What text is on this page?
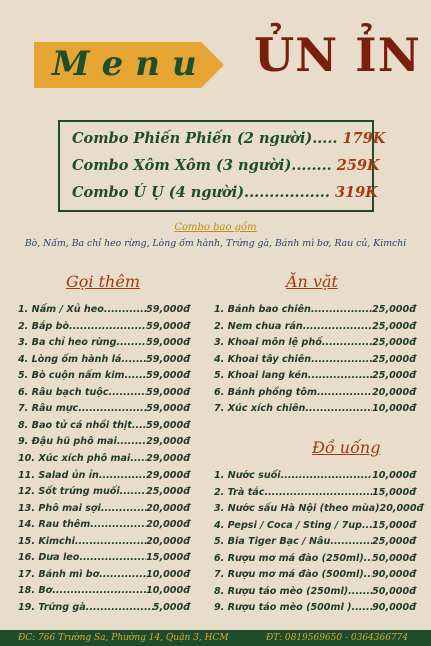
Menu ỦN ỈN
Combo Phiến Phiến (2 người)..... 179K
Combo Xôm Xôm (3 người)........ 259K
Combo Ú Ụ (4 người)................. 319K
Combo bao gồm
Bò, Nấm, Ba chỉ heo rừng, Lòng ốm hành, Trứng gà, Bánh mì bơ, Rau củ, Kimchi
Gọi thêm	Ăn vặt
Đồ uống
1. Nấm / Xủ heo .....	59,000đ
2. Bắp bò .....	59,000đ
3. Ba chỉ heo rừng .....	59,000đ
4. Lòng ốm hành lá .....	59,000đ
5. Bò cuộn nấm kim ..... 59,000đ
6. Râu bạch tuộc .....	59,000đ
7. Râu mực .....	59,000đ
8. Bao tử cá nhồi thịt ..... 59,000đ
9. Đậu hũ phô mai .....	29,000đ
10. Xúc xích phô mai ..... 29,000đ
11. Salad ủn ỉn .....	29,000đ
12. Sốt trứng muối .....	25,000đ
13. Phô mai sợi .....	20,000đ
14. Rau thêm .....	20,000đ
15. Kimchi .....	20,000đ
16. Dưa leo .....	15,000đ
17. Bánh mì bơ .....	10,000đ
18. Bơ .....	10,000đ
19. Trứng gà .....	5,000đ
1. Bánh bao chiên .....	25,000đ
2. Nem chua rán .....	25,000đ
3. Khoai môn lệ phố .....	25,000đ
4. Khoai tây chiên .....	25,000đ
5. Khoai lang kén .....	25,000đ
6. Bánh phồng tôm .....	20,000đ
7. Xúc xích chiên .....	10,000đ
1. Nước suối .....	10,000đ
2. Trà tắc .....	15,000đ
3. Nước sấu Hà Nội (theo mùa) 20,000đ
4. Pepsi / Coca / Sting / 7up ..... 15,000đ
5. Bia Tiger Bạc / Nâu .....	25,000đ
6. Rượu mơ má đào (250ml) ..... 50,000đ
7. Rượu mơ má đào (500ml) ..... 90,000đ
8. Rượu táo mèo (250ml) ..... 50,000đ
9. Rượu táo mèo (500ml ) ..... 90,000đ
ĐC: 766 Trường Sa, Phường 14, Quận 3, HCM	ĐT: 0819569650 - 0364366774
